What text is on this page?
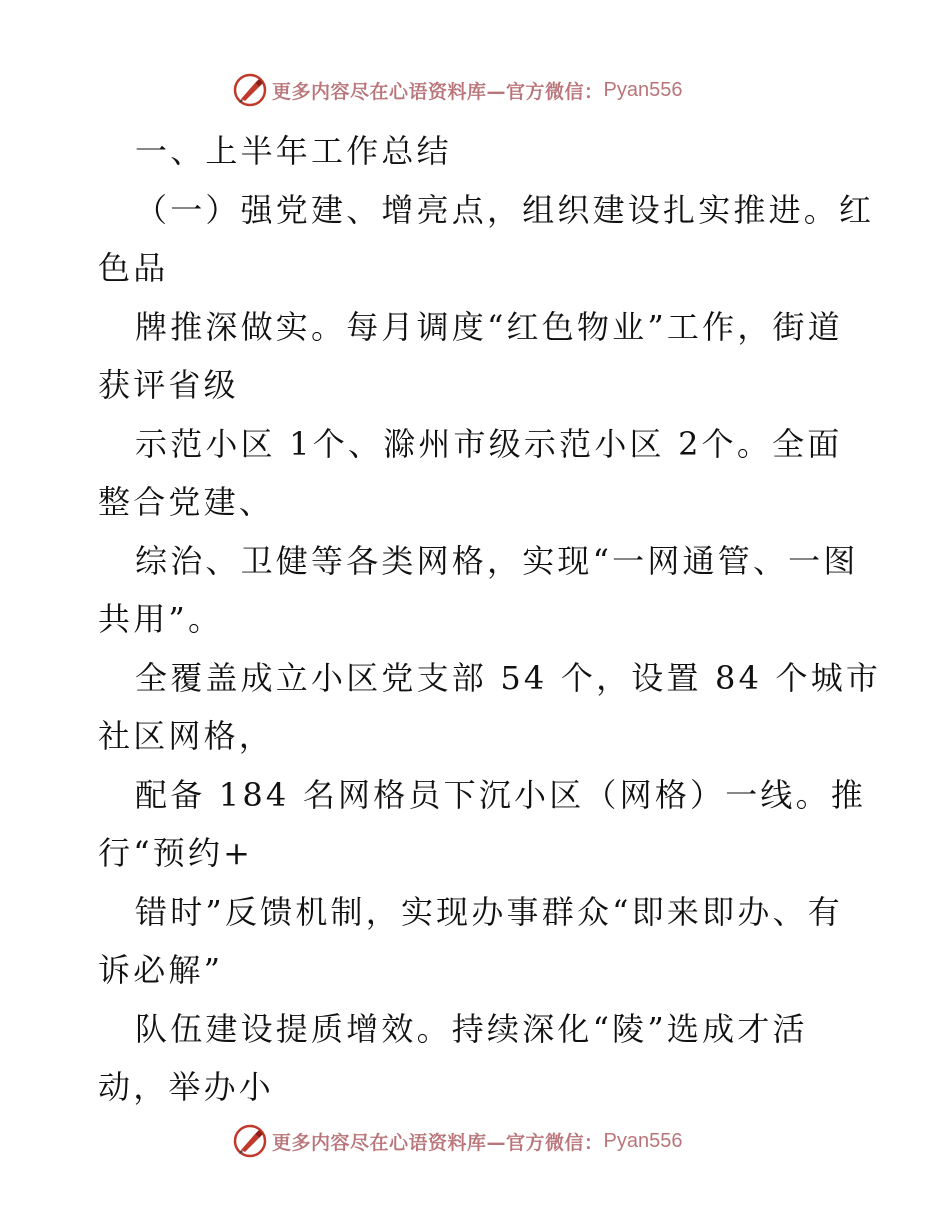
更多内容尽在心语资料库—官方微信： Pyan556

一、上半年工作总结

（一）强党建、增亮点，组织建设扎实推进。红

色品

牌推深做实。每月调度“红色物业”工作，街道

获评省级

示范小区 1个、滁州市级示范小区 2个。全面

整合党建、

综治、卫健等各类网格，实现“一网通管、一图

共用”。

全覆盖成立小区党支部 54 个，设置 84 个城市

社区网格，

配备 184 名网格员下沉小区（网格）一线。推

行“预约+

错时”反馈机制，实现办事群众“即来即办、有

诉必解”

队伍建设提质增效。持续深化“陵”选成才活

动，举办小

更多内容尽在心语资料库—官方微信： Pyan556
